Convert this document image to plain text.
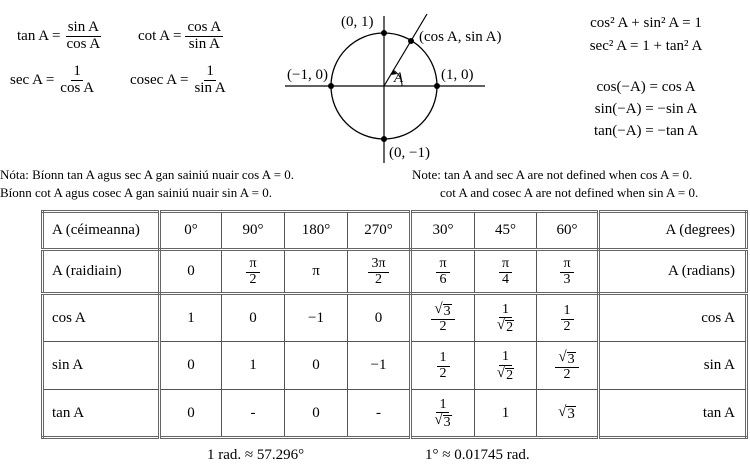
$\tan A = \frac{\text{sin A}}{\text{cos A}}$ $\cot A = \frac{\text{cos A}}{\text{sin A}}$
$\sec A = \frac{1}{\text{cos A}}$ cosec $A = \frac{1}{\text{sin A}}$
(0, 1)
(−1, 0)	(1, 0)
(0, −1)
(cos A, sin A)
A
cos² A + sin² A = 1
sec² A = 1 + tan² A
cos(−A) = cos A
sin(−A) = −sin A
tan(−A) = −tan A
Nóta: Bíonn tan A agus sec A gan sainiú nuair cos A = 0.
Bíonn cot A agus cosec A gan sainiú nuair sin A = 0.
Note: tan A and sec A are not defined when cos A = 0.
cot A and cosec A are not defined when sin A = 0.
A (céimeanna)	0°	90°	180°	270°	30°	45°	60°	A (degrees)
A (raidiain)	0	$\frac{\pi}{2}$	π	$\frac{3\pi}{2}$	$\frac{\pi}{6}$	$\frac{\pi}{4}$	$\frac{\pi}{3}$	A (radians)
cos A	1	0	−1	0	$\frac{√ 3}{2}$	$\frac{1}{√ 2}$	$\frac{1}{2}$	cos A
sin A	0	1	0	−1	$\frac{1}{2}$	$\frac{1}{√ 2}$	$\frac{√ 3}{2}$	sin A
tan A	0	-	0	-	$\frac{1}{√ 3}$	1	√ 3	tan A
1 rad. ≈ 57.296°	1° ≈ 0.01745 rad.
